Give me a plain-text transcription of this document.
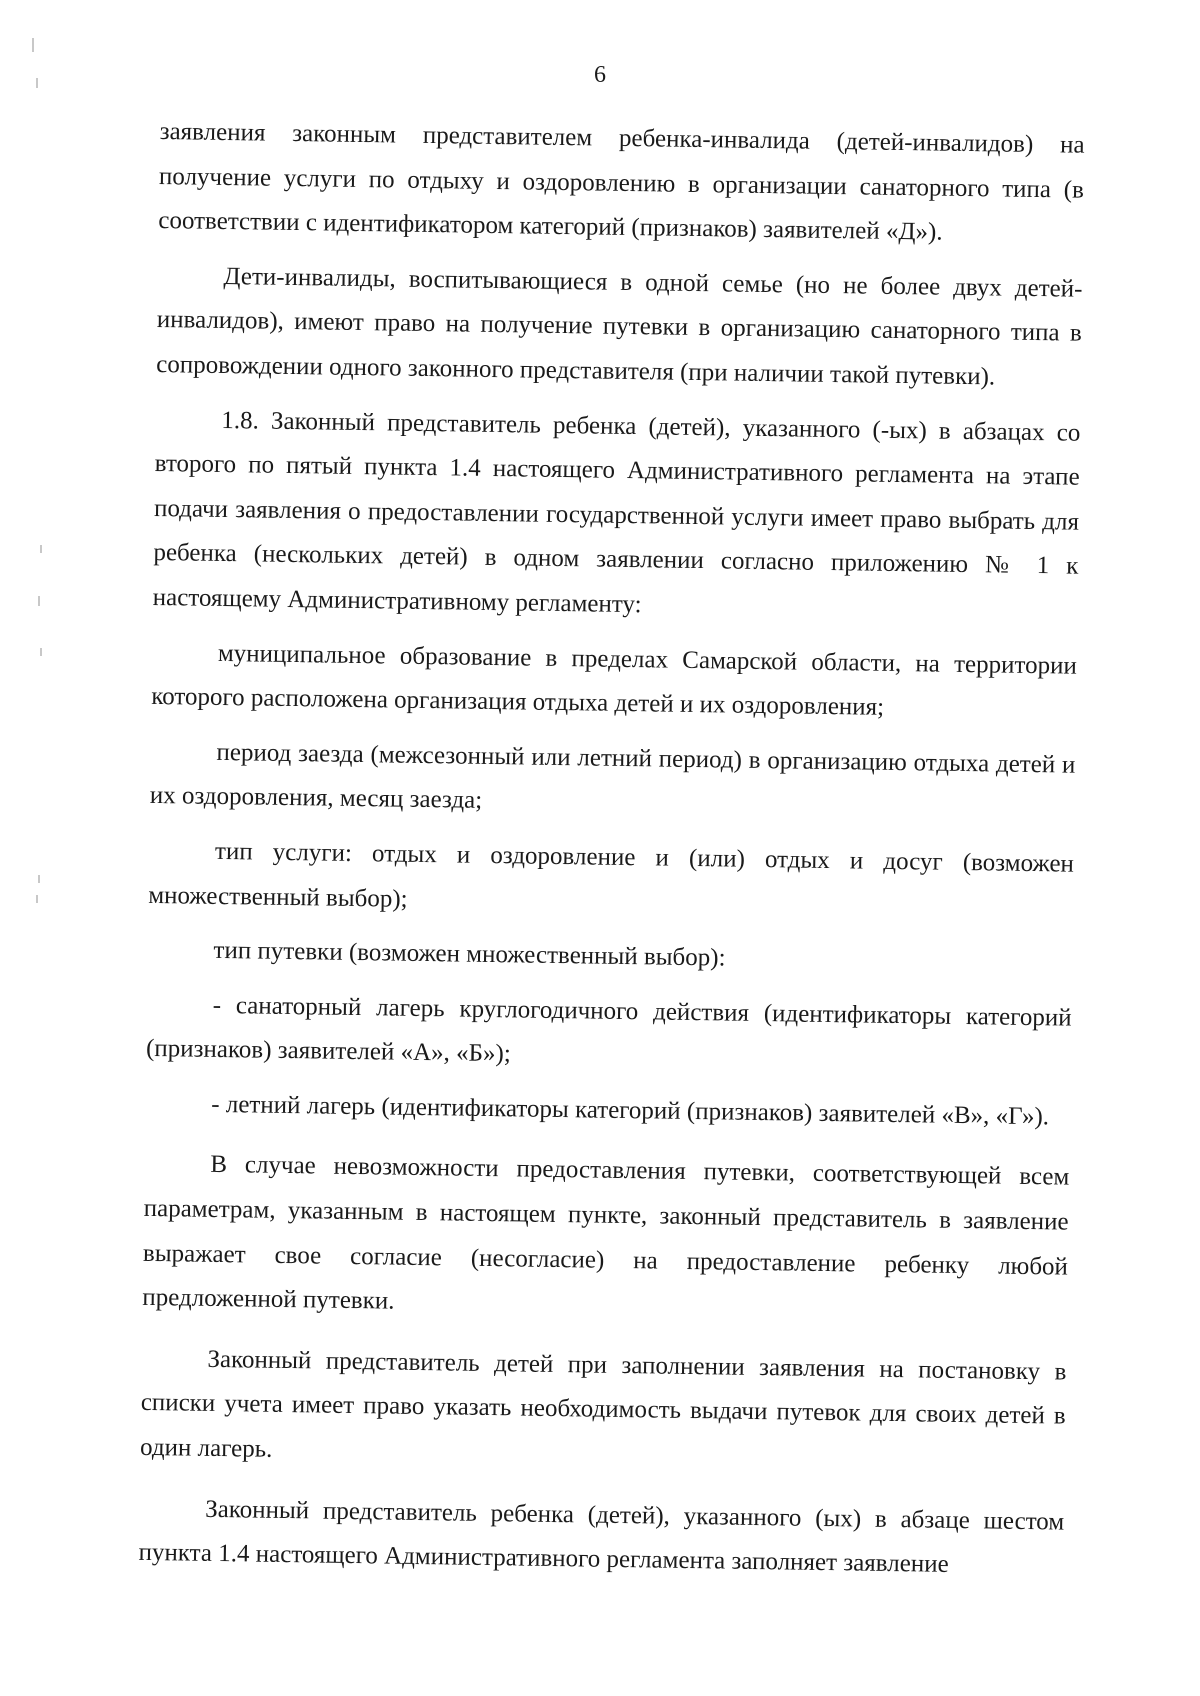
6

заявления законным представителем ребенка-инвалида (детей-инвалидов) на получение услуги по отдыху и оздоровлению в организации санаторного типа (в соответствии с идентификатором категорий (признаков) заявителей «Д»).

Дети-инвалиды, воспитывающиеся в одной семье (но не более двух детей-инвалидов), имеют право на получение путевки в организацию санаторного типа в сопровождении одного законного представителя (при наличии такой путевки).

1.8. Законный представитель ребенка (детей), указанного (-ых) в абзацах со второго по пятый пункта 1.4 настоящего Административного регламента на этапе подачи заявления о предоставлении государственной услуги имеет право выбрать для ребенка (нескольких детей) в одном заявлении согласно приложению № 1 к настоящему Административному регламенту:

муниципальное образование в пределах Самарской области, на территории которого расположена организация отдыха детей и их оздоровления;

период заезда (межсезонный или летний период) в организацию отдыха детей и их оздоровления, месяц заезда;

тип услуги: отдых и оздоровление и (или) отдых и досуг (возможен множественный выбор);

тип путевки (возможен множественный выбор):

- санаторный лагерь круглогодичного действия (идентификаторы категорий (признаков) заявителей «А», «Б»);

- летний лагерь (идентификаторы категорий (признаков) заявителей «В», «Г»).

В случае невозможности предоставления путевки, соответствующей всем параметрам, указанным в настоящем пункте, законный представитель в заявление выражает свое согласие (несогласие) на предоставление ребенку любой предложенной путевки.

Законный представитель детей при заполнении заявления на постановку в списки учета имеет право указать необходимость выдачи путевок для своих детей в один лагерь.

Законный представитель ребенка (детей), указанного (ых) в абзаце шестом пункта 1.4 настоящего Административного регламента заполняет заявление
